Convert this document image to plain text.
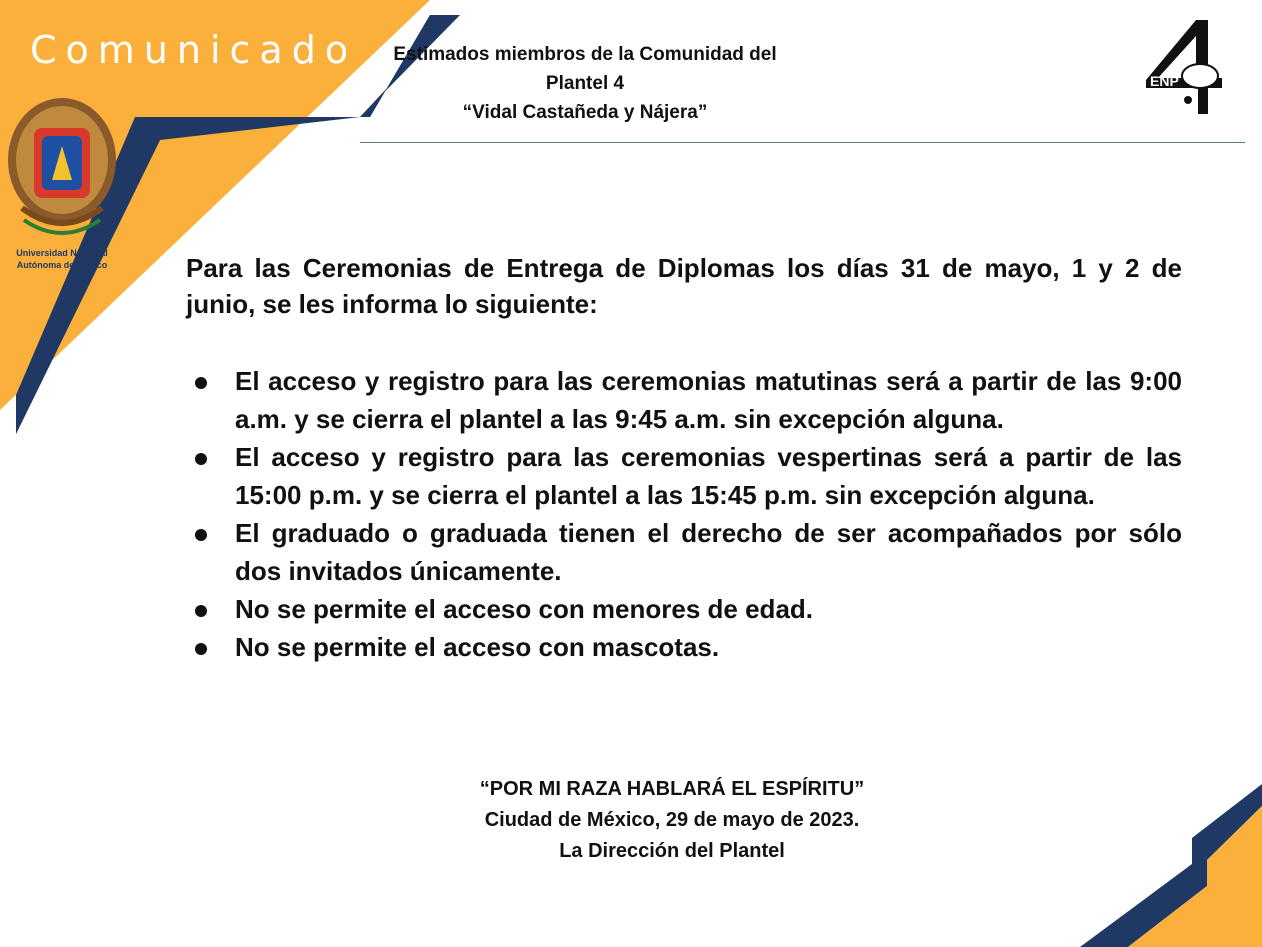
Comunicado
Universidad Nacional
Autónoma de México
Estimados miembros de la Comunidad del Plantel 4
“Vidal Castañeda y Nájera”
ENP
Para las Ceremonias de Entrega de Diplomas los días 31 de mayo, 1 y 2 de junio, se les informa lo siguiente:
El acceso y registro para las ceremonias matutinas será a partir de las 9:00 a.m. y se cierra el plantel a las 9:45 a.m. sin excepción alguna.
El acceso y registro para las ceremonias vespertinas será a partir de las 15:00 p.m. y se cierra el plantel a las 15:45 p.m. sin excepción alguna.
El graduado o graduada tienen el derecho de ser acompañados por sólo dos invitados únicamente.
No se permite el acceso con menores de edad.
No se permite el acceso con mascotas.
“POR MI RAZA HABLARÁ EL ESPÍRITU”
Ciudad de México, 29 de mayo de 2023.
La Dirección del Plantel
